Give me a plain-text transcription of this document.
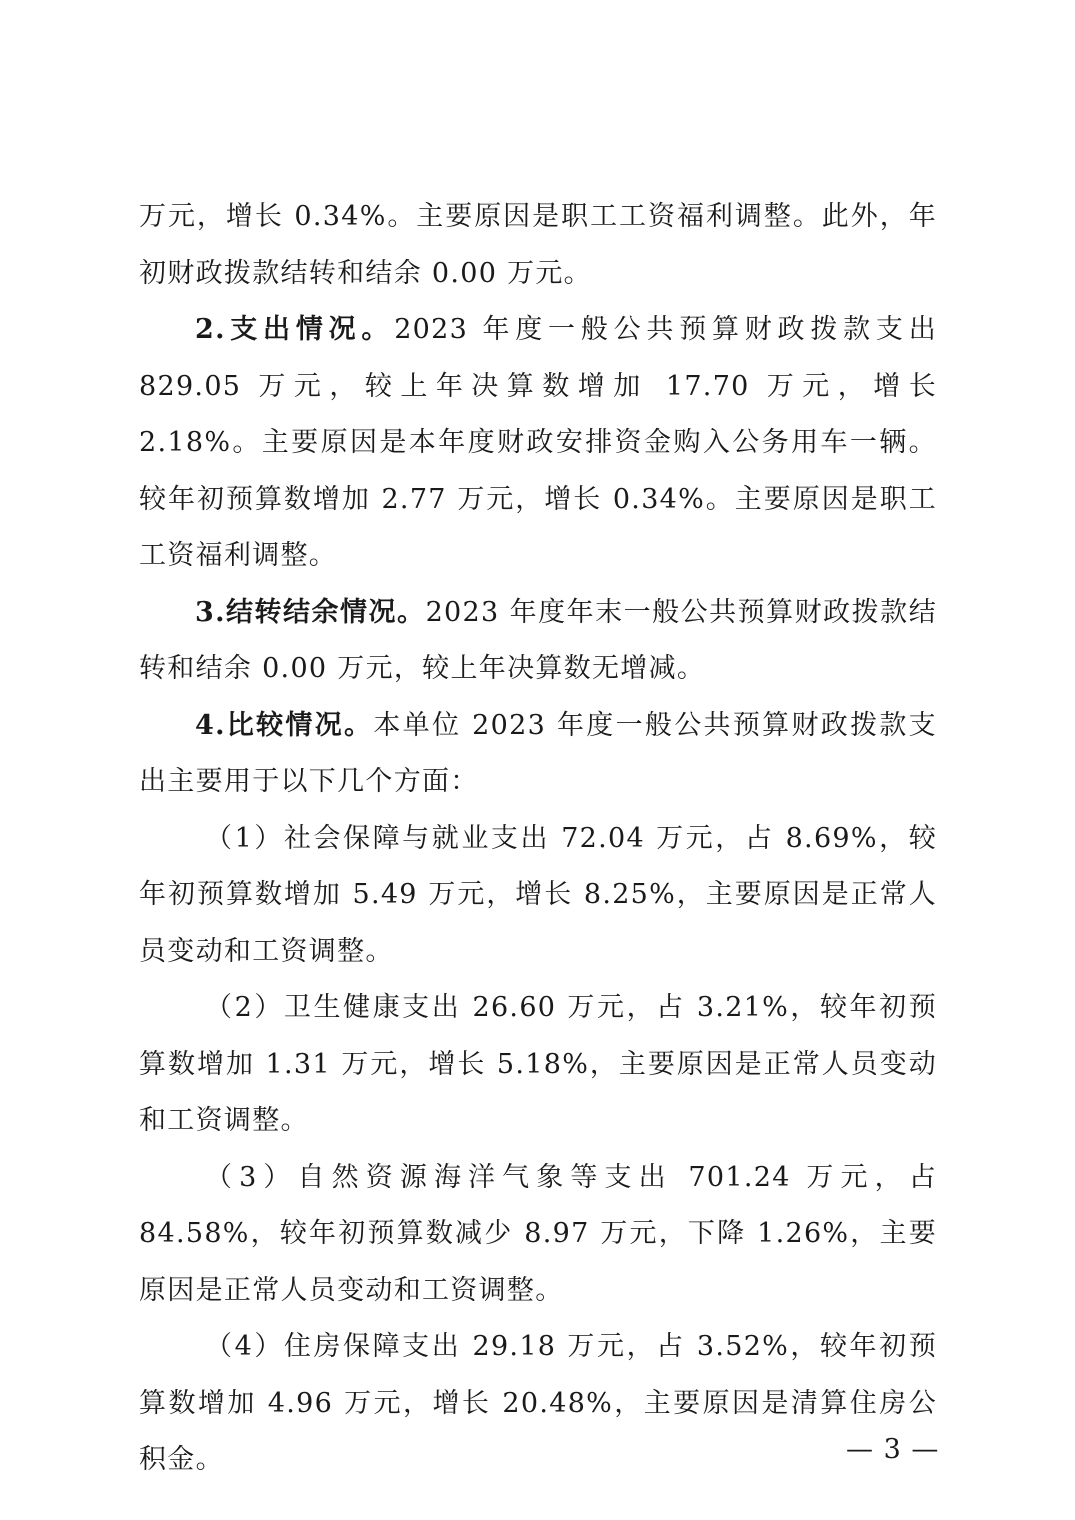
万元，增长 0.34%。主要原因是职工工资福利调整。此外，年初财政拨款结转和结余 0.00 万元。

2.支出情况。2023 年度一般公共预算财政拨款支出 829.05 万元，较上年决算数增加 17.70 万元，增长 2.18%。主要原因是本年度财政安排资金购入公务用车一辆。较年初预算数增加 2.77 万元，增长 0.34%。主要原因是职工工资福利调整。

3.结转结余情况。2023 年度年末一般公共预算财政拨款结转和结余 0.00 万元，较上年决算数无增减。

4.比较情况。本单位 2023 年度一般公共预算财政拨款支出主要用于以下几个方面：

（1）社会保障与就业支出 72.04 万元，占 8.69%，较年初预算数增加 5.49 万元，增长 8.25%，主要原因是正常人员变动和工资调整。

（2）卫生健康支出 26.60 万元，占 3.21%，较年初预算数增加 1.31 万元，增长 5.18%，主要原因是正常人员变动和工资调整。

（3）自然资源海洋气象等支出 701.24 万元，占 84.58%，较年初预算数减少 8.97 万元，下降 1.26%，主要原因是正常人员变动和工资调整。

（4）住房保障支出 29.18 万元，占 3.52%，较年初预算数增加 4.96 万元，增长 20.48%，主要原因是清算住房公积金。	— 3 —
